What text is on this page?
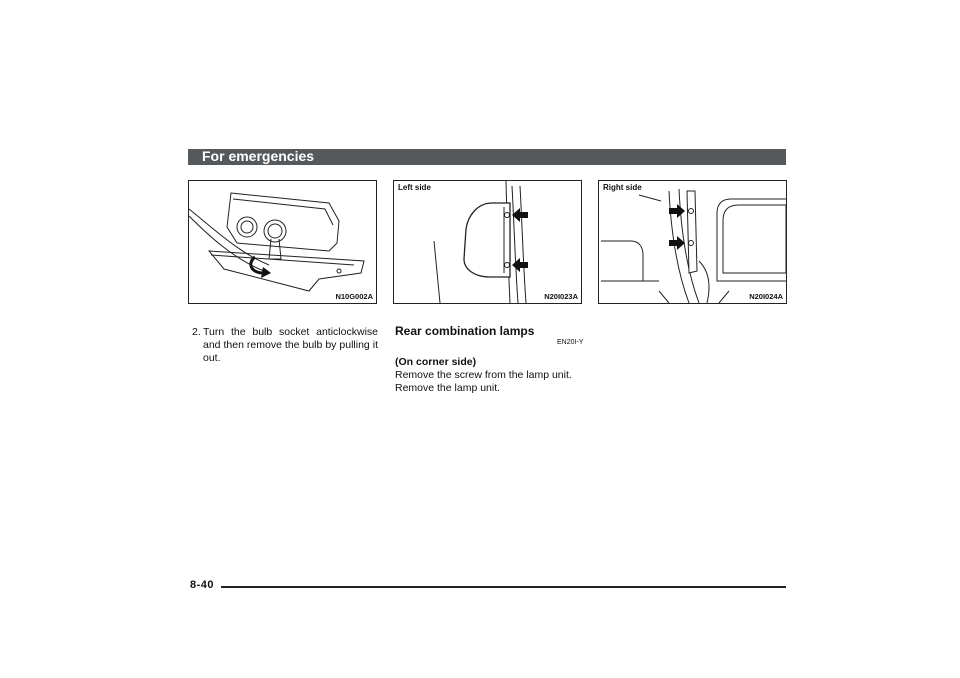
For emergencies
N10G002A
Left side
N20I023A
Right side
N20I024A
2. Turn the bulb socket anticlockwise and then remove the bulb by pulling it out.
Rear combination lamps
EN20I-Y
(On corner side)
Remove the screw from the lamp unit.
Remove the lamp unit.
8-40
